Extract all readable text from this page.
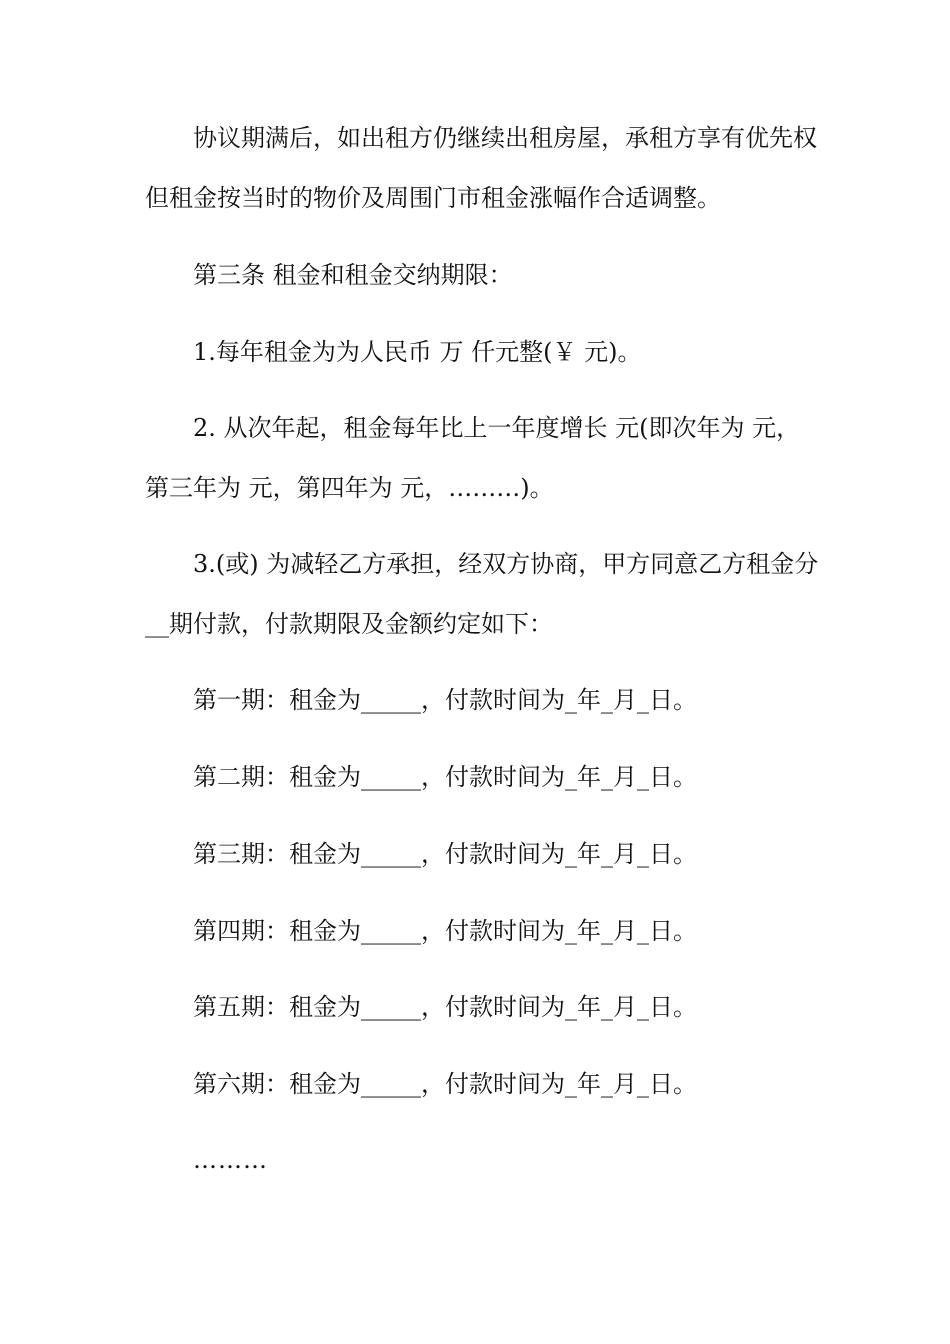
协议期满后，如出租方仍继续出租房屋，承租方享有优先权
但租金按当时的物价及周围门市租金涨幅作合适调整。
第三条 租金和租金交纳期限：
1.每年租金为为人民币 万 仟元整(￥ 元)。
2. 从次年起，租金每年比上一年度增长 元(即次年为 元，
第三年为 元，第四年为 元，………)。
3.(或) 为减轻乙方承担，经双方协商，甲方同意乙方租金分
__期付款，付款期限及金额约定如下：
第一期：租金为_____，付款时间为_年_月_日。
第二期：租金为_____，付款时间为_年_月_日。
第三期：租金为_____，付款时间为_年_月_日。
第四期：租金为_____，付款时间为_年_月_日。
第五期：租金为_____，付款时间为_年_月_日。
第六期：租金为_____，付款时间为_年_月_日。
………
